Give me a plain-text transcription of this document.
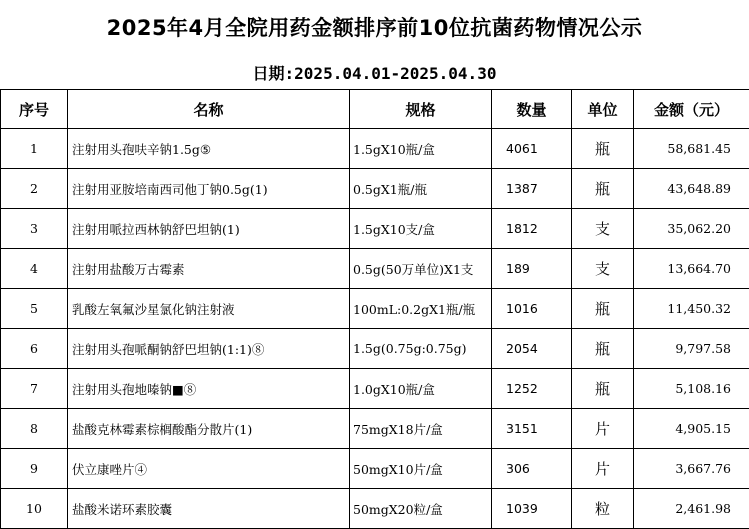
2025年4月全院用药金额排序前10位抗菌药物情况公示
日期:2025.04.01-2025.04.30
序号	名称	规格	数量	单位	金额（元）
1	注射用头孢呋辛钠1.5g⑤	1.5gX10瓶/盒	4061	瓶	58,681.45
2	注射用亚胺培南西司他丁钠0.5g(1)	0.5gX1瓶/瓶	1387	瓶	43,648.89
3	注射用哌拉西林钠舒巴坦钠(1)	1.5gX10支/盒	1812	支	35,062.20
4	注射用盐酸万古霉素	0.5g(50万单位)X1支	189	支	13,664.70
5	乳酸左氧氟沙星氯化钠注射液	100mL:0.2gX1瓶/瓶	1016	瓶	11,450.32
6	注射用头孢哌酮钠舒巴坦钠(1:1)⑧	1.5g(0.75g:0.75g)	2054	瓶	9,797.58
7	注射用头孢地嗪钠■⑧	1.0gX10瓶/盒	1252	瓶	5,108.16
8	盐酸克林霉素棕榈酸酯分散片(1)	75mgX18片/盒	3151	片	4,905.15
9	伏立康唑片④	50mgX10片/盒	306	片	3,667.76
10	盐酸米诺环素胶囊	50mgX20粒/盒	1039	粒	2,461.98
